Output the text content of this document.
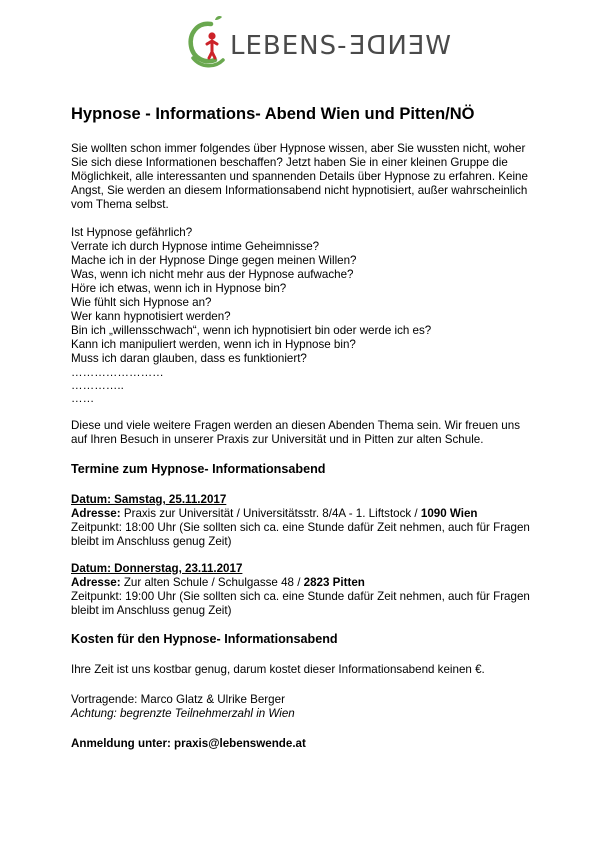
LEBENS-WENDE
Hypnose - Informations- Abend Wien und Pitten/NÖ

Sie wollten schon immer folgendes über Hypnose wissen, aber Sie wussten nicht, woher Sie sich diese Informationen beschaffen? Jetzt haben Sie in einer kleinen Gruppe die Möglichkeit, alle interessanten und spannenden Details über Hypnose zu erfahren. Keine Angst, Sie werden an diesem Informationsabend nicht hypnotisiert, außer wahrscheinlich vom Thema selbst.

Ist Hypnose gefährlich?
Verrate ich durch Hypnose intime Geheimnisse?
Mache ich in der Hypnose Dinge gegen meinen Willen?
Was, wenn ich nicht mehr aus der Hypnose aufwache?
Höre ich etwas, wenn ich in Hypnose bin?
Wie fühlt sich Hypnose an?
Wer kann hypnotisiert werden?
Bin ich „willensschwach“, wenn ich hypnotisiert bin oder werde ich es?
Kann ich manipuliert werden, wenn ich in Hypnose bin?
Muss ich daran glauben, dass es funktioniert?
……………………
…………..
……

Diese und viele weitere Fragen werden an diesen Abenden Thema sein. Wir freuen uns auf Ihren Besuch in unserer Praxis zur Universität und in Pitten zur alten Schule.

Termine zum Hypnose- Informationsabend
Datum: Samstag, 25.11.2017
Adresse: Praxis zur Universität / Universitätsstr. 8/4A - 1. Liftstock / 1090 Wien
Zeitpunkt: 18:00 Uhr (Sie sollten sich ca. eine Stunde dafür Zeit nehmen, auch für Fragen bleibt im Anschluss genug Zeit)
Datum: Donnerstag, 23.11.2017
Adresse: Zur alten Schule / Schulgasse 48 / 2823 Pitten
Zeitpunkt: 19:00 Uhr (Sie sollten sich ca. eine Stunde dafür Zeit nehmen, auch für Fragen bleibt im Anschluss genug Zeit)
Kosten für den Hypnose- Informationsabend

Ihre Zeit ist uns kostbar genug, darum kostet dieser Informationsabend keinen €.

Vortragende: Marco Glatz & Ulrike Berger
Achtung: begrenzte Teilnehmerzahl in Wien
Anmeldung unter: praxis@lebenswende.at
